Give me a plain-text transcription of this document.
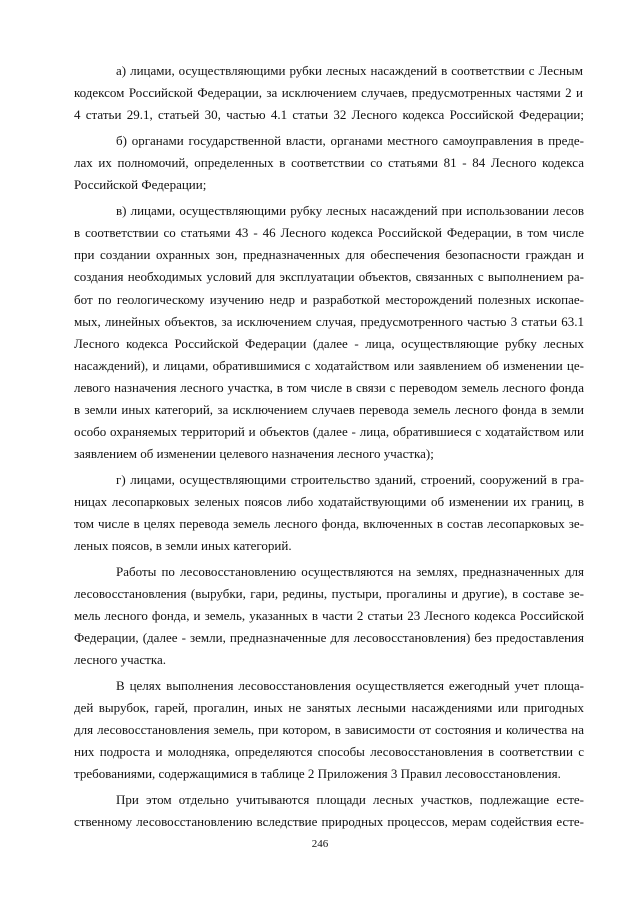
а) лицами, осуществляющими рубки лесных насаждений в соответствии с Лесным
кодексом Российской Федерации, за исключением случаев, предусмотренных частями 2 и
4 статьи 29.1, статьей 30, частью 4.1 статьи 32 Лесного кодекса Российской Федерации;
б) органами государственной власти, органами местного самоуправления в преде-
лах их полномочий, определенных в соответствии со статьями 81 - 84 Лесного кодекса
Российской Федерации;
в) лицами, осуществляющими рубку лесных насаждений при использовании лесов
в соответствии со статьями 43 - 46 Лесного кодекса Российской Федерации, в том числе
при создании охранных зон, предназначенных для обеспечения безопасности граждан и
создания необходимых условий для эксплуатации объектов, связанных с выполнением ра-
бот по геологическому изучению недр и разработкой месторождений полезных ископае-
мых, линейных объектов, за исключением случая, предусмотренного частью 3 статьи 63.1
Лесного кодекса Российской Федерации (далее - лица, осуществляющие рубку лесных
насаждений), и лицами, обратившимися с ходатайством или заявлением об изменении це-
левого назначения лесного участка, в том числе в связи с переводом земель лесного фонда
в земли иных категорий, за исключением случаев перевода земель лесного фонда в земли
особо охраняемых территорий и объектов (далее - лица, обратившиеся с ходатайством или
заявлением об изменении целевого назначения лесного участка);
г) лицами, осуществляющими строительство зданий, строений, сооружений в гра-
ницах лесопарковых зеленых поясов либо ходатайствующими об изменении их границ, в
том числе в целях перевода земель лесного фонда, включенных в состав лесопарковых зе-
леных поясов, в земли иных категорий.
Работы по лесовосстановлению осуществляются на землях, предназначенных для
лесовосстановления (вырубки, гари, редины, пустыри, прогалины и другие), в составе зе-
мель лесного фонда, и земель, указанных в части 2 статьи 23 Лесного кодекса Российской
Федерации, (далее - земли, предназначенные для лесовосстановления) без предоставления
лесного участка.
В целях выполнения лесовосстановления осуществляется ежегодный учет площа-
дей вырубок, гарей, прогалин, иных не занятых лесными насаждениями или пригодных
для лесовосстановления земель, при котором, в зависимости от состояния и количества на
них подроста и молодняка, определяются способы лесовосстановления в соответствии с
требованиями, содержащимися в таблице 2 Приложения 3 Правил лесовосстановления.
При этом отдельно учитываются площади лесных участков, подлежащие есте-
ственному лесовосстановлению вследствие природных процессов, мерам содействия есте-
246
